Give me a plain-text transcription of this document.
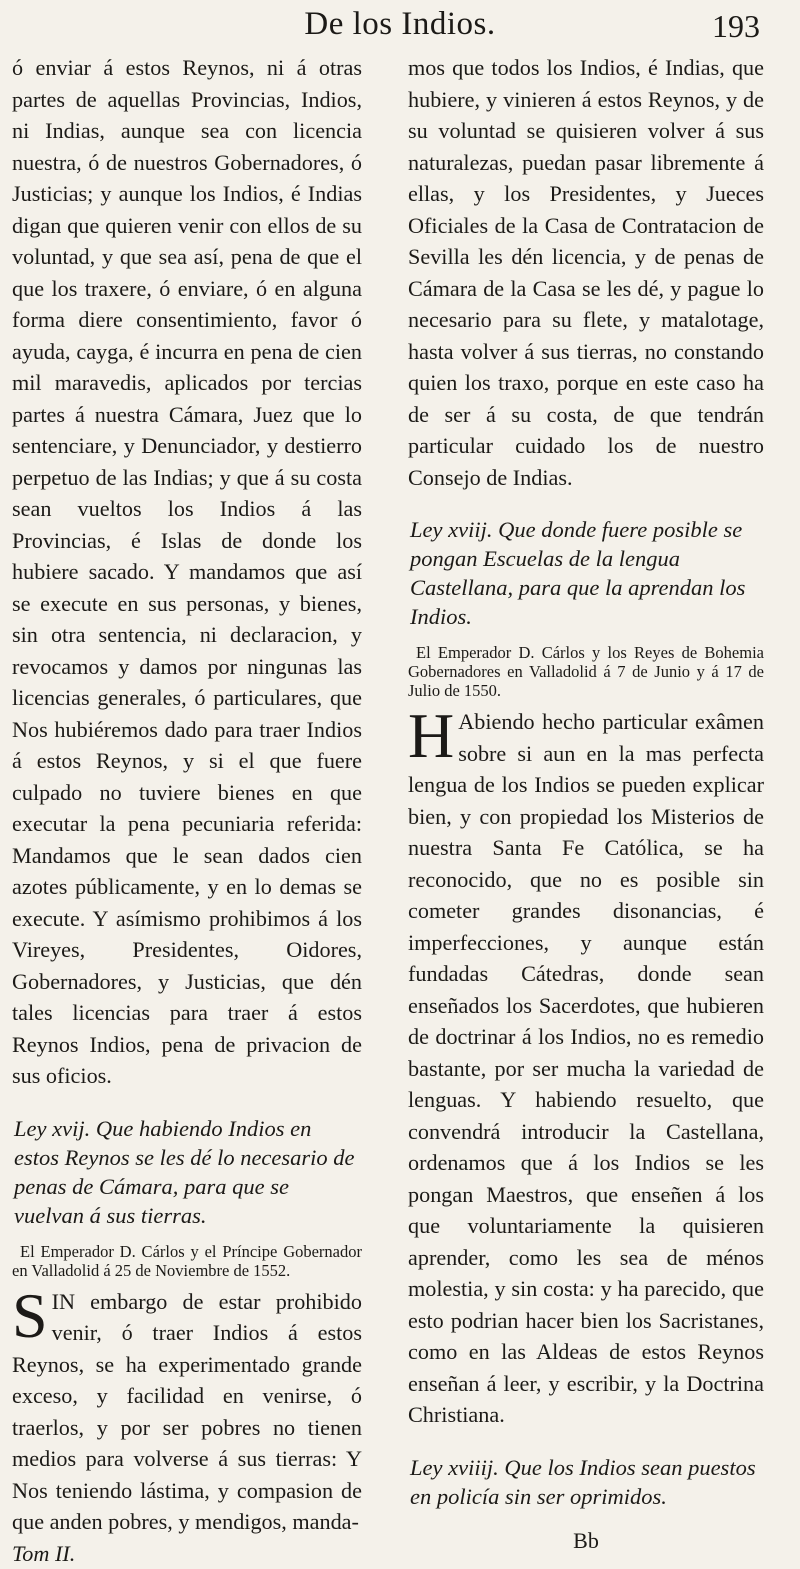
De los Indios.	193

ó enviar á estos Reynos, ni á otras partes de aquellas Provincias, Indios, ni Indias, aunque sea con licencia nuestra, ó de nuestros Gobernadores, ó Justicias; y aunque los Indios, é Indias digan que quieren venir con ellos de su voluntad, y que sea así, pena de que el que los traxere, ó enviare, ó en alguna forma diere consentimiento, favor ó ayuda, cayga, é incurra en pena de cien mil maravedis, aplicados por tercias partes á nuestra Cámara, Juez que lo sentenciare, y Denunciador, y destierro perpetuo de las Indias; y que á su costa sean vueltos los Indios á las Provincias, é Islas de donde los hubiere sacado. Y mandamos que así se execute en sus personas, y bienes, sin otra sentencia, ni declaracion, y revocamos y damos por ningunas las licencias generales, ó particulares, que Nos hubiéremos dado para traer Indios á estos Reynos, y si el que fuere culpado no tuviere bienes en que executar la pena pecuniaria referida: Mandamos que le sean dados cien azotes públicamente, y en lo demas se execute. Y asímismo prohibimos á los Vireyes, Presidentes, Oidores, Gobernadores, y Justicias, que dén tales licencias para traer á estos Reynos Indios, pena de privacion de sus oficios.

Ley xvij. Que habiendo Indios en estos Reynos se les dé lo necesario de penas de Cámara, para que se vuelvan á sus tierras.

El Emperador D. Cárlos y el Príncipe Gobernador en Valladolid á 25 de Noviembre de 1552.

SIN embargo de estar prohibido venir, ó traer Indios á estos Reynos, se ha experimentado grande exceso, y facilidad en venirse, ó traerlos, y por ser pobres no tienen medios para volverse á sus tierras: Y Nos teniendo lástima, y compasion de que anden pobres, y mendigos, manda-

Tom II.

mos que todos los Indios, é Indias, que hubiere, y vinieren á estos Reynos, y de su voluntad se quisieren volver á sus naturalezas, puedan pasar libremente á ellas, y los Presidentes, y Jueces Oficiales de la Casa de Contratacion de Sevilla les dén licencia, y de penas de Cámara de la Casa se les dé, y pague lo necesario para su flete, y matalotage, hasta volver á sus tierras, no constando quien los traxo, porque en este caso ha de ser á su costa, de que tendrán particular cuidado los de nuestro Consejo de Indias.

Ley xviij. Que donde fuere posible se pongan Escuelas de la lengua Castellana, para que la aprendan los Indios.

El Emperador D. Cárlos y los Reyes de Bohemia Gobernadores en Valladolid á 7 de Junio y á 17 de Julio de 1550.

H Abiendo hecho particular exâmen sobre si aun en la mas perfecta lengua de los Indios se pueden explicar bien, y con propiedad los Misterios de nuestra Santa Fe Católica, se ha reconocido, que no es posible sin cometer grandes disonancias, é imperfecciones, y aunque están fundadas Cátedras, donde sean enseñados los Sacerdotes, que hubieren de doctrinar á los Indios, no es remedio bastante, por ser mucha la variedad de lenguas. Y habiendo resuelto, que convendrá introducir la Castellana, ordenamos que á los Indios se les pongan Maestros, que enseñen á los que voluntariamente la quisieren aprender, como les sea de ménos molestia, y sin costa: y ha parecido, que esto podrian hacer bien los Sacristanes, como en las Aldeas de estos Reynos enseñan á leer, y escribir, y la Doctrina Christiana.

Ley xviiij. Que los Indios sean puestos en policía sin ser oprimidos.

Bb
